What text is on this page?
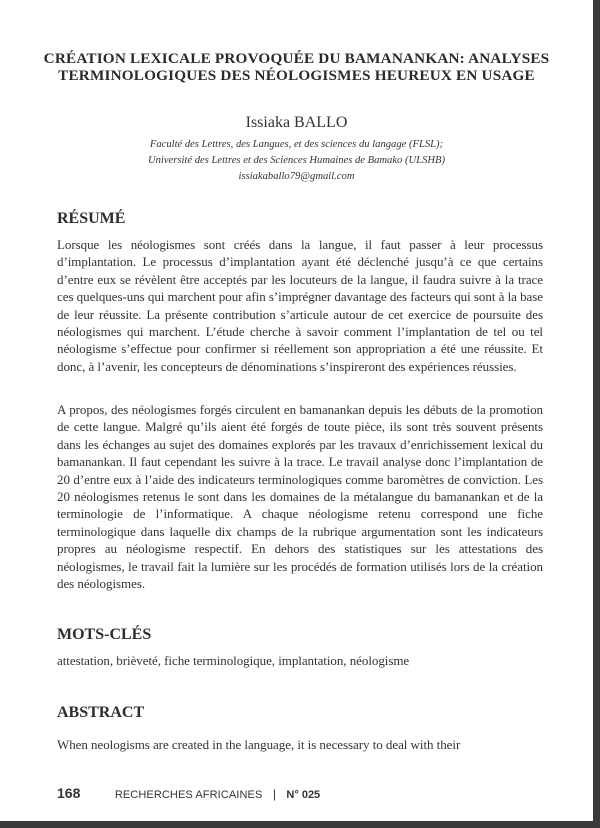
CRÉATION LEXICALE PROVOQUÉE DU BAMANANKAN: ANALYSES TERMINOLOGIQUES DES NÉOLOGISMES HEUREUX EN USAGE

Issiaka BALLO

Faculté des Lettres, des Langues, et des sciences du langage (FLSL);
Université des Lettres et des Sciences Humaines de Bamako (ULSHB)
issiakaballo79@gmail.com
RÉSUMÉ

Lorsque les néologismes sont créés dans la langue, il faut passer à leur processus d’implantation. Le processus d’implantation ayant été déclenché jusqu’à ce que certains d’entre eux se révèlent être acceptés par les locuteurs de la langue, il faudra suivre à la trace ces quelques-uns qui marchent pour afin s’imprégner davantage des facteurs qui sont à la base de leur réussite. La présente contribution s’articule autour de cet exercice de poursuite des néologismes qui marchent. L’étude cherche à savoir comment l’implantation de tel ou tel néologisme s’effectue pour confirmer si réellement son appropriation a été une réussite. Et donc, à l’avenir, les concepteurs de dénominations s’inspireront des expériences réussies.

A propos, des néologismes forgés circulent en bamanankan depuis les débuts de la promotion de cette langue. Malgré qu’ils aient été forgés de toute pièce, ils sont très souvent présents dans les échanges au sujet des domaines explorés par les travaux d’enrichissement lexical du bamanankan. Il faut cependant les suivre à la trace. Le travail analyse donc l’implantation de 20 d’entre eux à l’aide des indicateurs terminologiques comme baromètres de conviction. Les 20 néologismes retenus le sont dans les domaines de la métalangue du bamanankan et de la terminologie de l’informatique. A chaque néologisme retenu correspond une fiche terminologique dans laquelle dix champs de la rubrique argumentation sont les indicateurs propres au néologisme respectif. En dehors des statistiques sur les attestations des néologismes, le travail fait la lumière sur les procédés de formation utilisés lors de la création des néologismes.

MOTS-CLÉS

attestation, brièveté, fiche terminologique, implantation, néologisme

ABSTRACT

When neologisms are created in the language, it is necessary to deal with their

168	RECHERCHES AFRICAINES | N° 025
